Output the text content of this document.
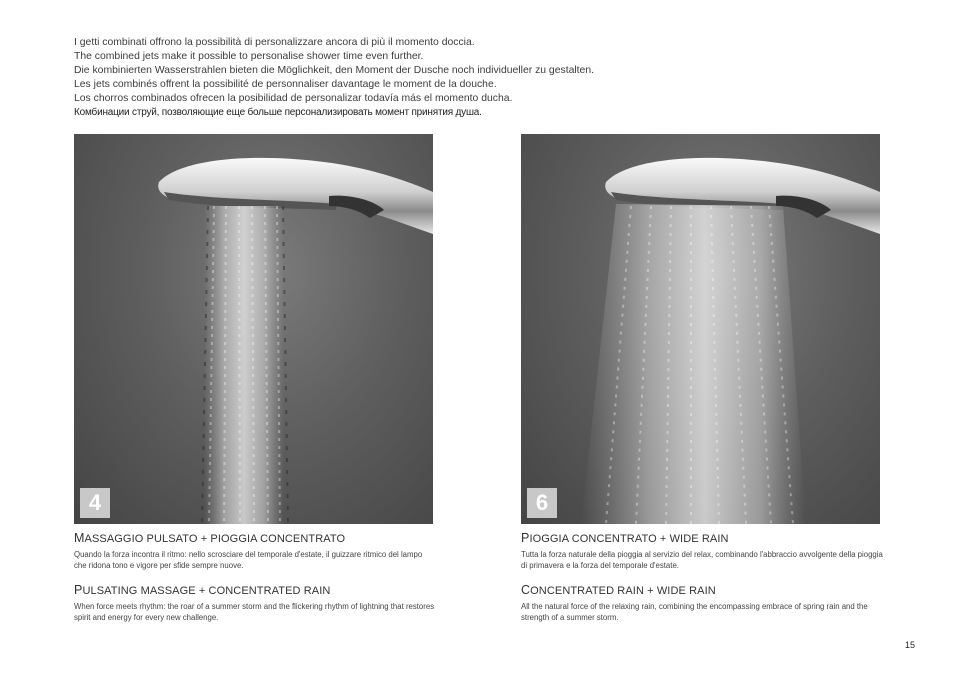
I getti combinati offrono la possibilità di personalizzare ancora di più il momento doccia.
The combined jets make it possible to personalise shower time even further.
Die kombinierten Wasserstrahlen bieten die Möglichkeit, den Moment der Dusche noch individueller zu gestalten.
Les jets combinés offrent la possibilité de personnaliser davantage le moment de la douche.
Los chorros combinados ofrecen la posibilidad de personalizar todavía más el momento ducha.
Комбинации струй, позволяющие еще больше персонализировать момент принятия душа.
4	6
MASSAGGIO PULSATO + PIOGGIA CONCENTRATO
Quando la forza incontra il ritmo: nello scrosciare del temporale d'estate, il guizzare ritmico del lampo che ridona tono e vigore per sfide sempre nuove.
PULSATING MASSAGE + CONCENTRATED RAIN
When force meets rhythm: the roar of a summer storm and the flickering rhythm of lightning that restores spirit and energy for every new challenge.
PIOGGIA CONCENTRATO + WIDE RAIN
Tutta la forza naturale della pioggia al servizio del relax, combinando l'abbraccio avvolgente della pioggia di primavera e la forza del temporale d'estate.
CONCENTRATED RAIN + WIDE RAIN
All the natural force of the relaxing rain, combining the encompassing embrace of spring rain and the strength of a summer storm.
15
